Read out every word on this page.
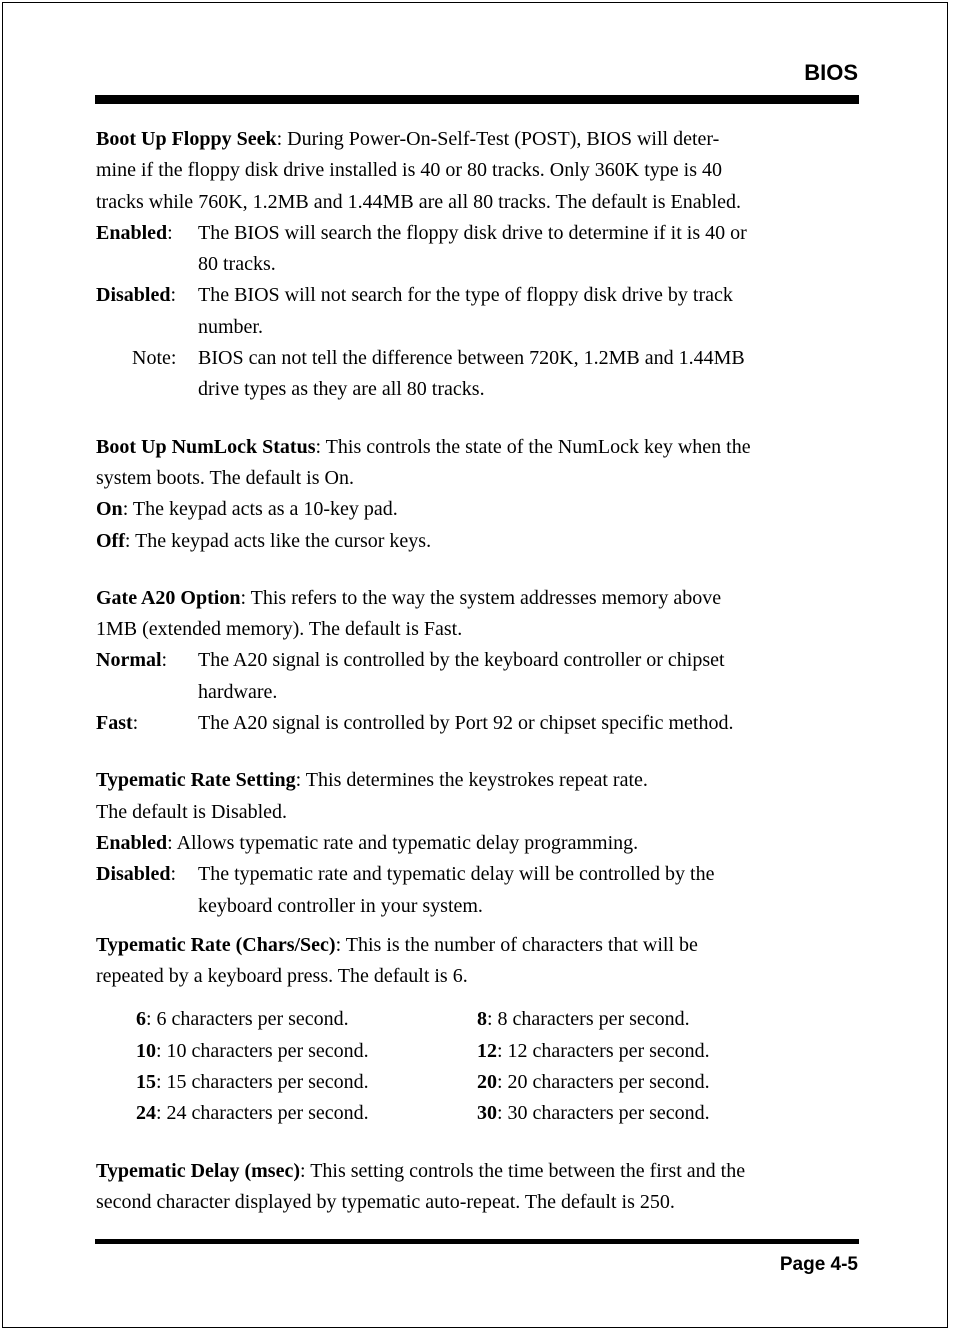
BIOS
Boot Up Floppy Seek: During Power-On-Self-Test (POST), BIOS will deter-
mine if the floppy disk drive installed is 40 or 80 tracks. Only 360K type is 40
tracks while 760K, 1.2MB and 1.44MB are all 80 tracks. The default is Enabled.
Enabled:	The BIOS will search the floppy disk drive to determine if it is 40 or
80 tracks.
Disabled:	The BIOS will not search for the type of floppy disk drive by track
number.
Note:	BIOS can not tell the difference between 720K, 1.2MB and 1.44MB
drive types as they are all 80 tracks.
Boot Up NumLock Status: This controls the state of the NumLock key when the
system boots. The default is On.
On: The keypad acts as a 10-key pad.
Off: The keypad acts like the cursor keys.
Gate A20 Option: This refers to the way the system addresses memory above
1MB (extended memory). The default is Fast.
Normal:	The A20 signal is controlled by the keyboard controller or chipset
hardware.
Fast:	The A20 signal is controlled by Port 92 or chipset specific method.
Typematic Rate Setting: This determines the keystrokes repeat rate.
The default is Disabled.
Enabled: Allows typematic rate and typematic delay programming.
Disabled:	The typematic rate and typematic delay will be controlled by the
keyboard controller in your system.
Typematic Rate (Chars/Sec): This is the number of characters that will be
repeated by a keyboard press. The default is 6.
6: 6 characters per second.	8: 8 characters per second.
10: 10 characters per second.	12: 12 characters per second.
15: 15 characters per second.	20: 20 characters per second.
24: 24 characters per second.	30: 30 characters per second.
Typematic Delay (msec): This setting controls the time between the first and the
second character displayed by typematic auto-repeat. The default is 250.
Page 4-5
